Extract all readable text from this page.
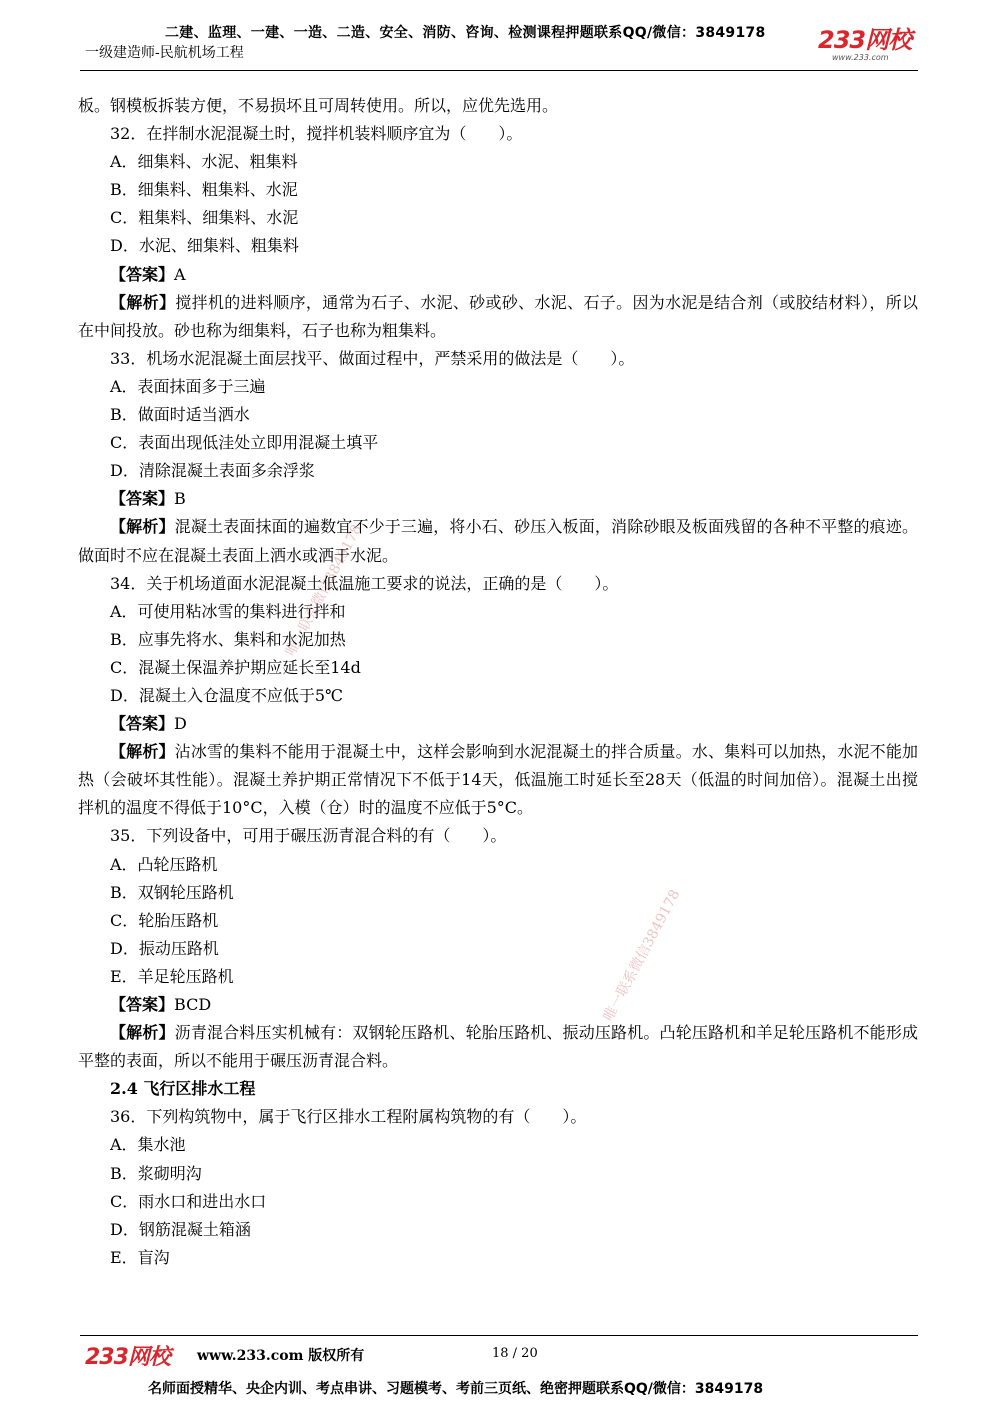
二建、监理、一建、一造、二造、安全、消防、咨询、检测课程押题联系QQ/微信：3849178
一级建造师-民航机场工程	233网校
www.233.com
唯一联系微信3849178
唯一联系微信3849178
板。钢模板拆装方便，不易损坏且可周转使用。所以，应优先选用。
32．在拌制水泥混凝土时，搅拌机装料顺序宜为（　　）。
A．细集料、水泥、粗集料
B．细集料、粗集料、水泥
C．粗集料、细集料、水泥
D．水泥、细集料、粗集料
【答案】A
【解析】搅拌机的进料顺序，通常为石子、水泥、砂或砂、水泥、石子。因为水泥是结合剂（或胶结材料），所以在中间投放。砂也称为细集料，石子也称为粗集料。
33．机场水泥混凝土面层找平、做面过程中，严禁采用的做法是（　　）。
A．表面抹面多于三遍
B．做面时适当洒水
C．表面出现低洼处立即用混凝土填平
D．清除混凝土表面多余浮浆
【答案】B
【解析】混凝土表面抹面的遍数宜不少于三遍，将小石、砂压入板面，消除砂眼及板面残留的各种不平整的痕迹。做面时不应在混凝土表面上洒水或洒干水泥。
34．关于机场道面水泥混凝土低温施工要求的说法，正确的是（　　）。
A．可使用粘冰雪的集料进行拌和
B．应事先将水、集料和水泥加热
C．混凝土保温养护期应延长至14d
D．混凝土入仓温度不应低于5℃
【答案】D
【解析】沾冰雪的集料不能用于混凝土中，这样会影响到水泥混凝土的拌合质量。水、集料可以加热，水泥不能加热（会破坏其性能）。混凝土养护期正常情况下不低于14天，低温施工时延长至28天（低温的时间加倍）。混凝土出搅拌机的温度不得低于10°C，入模（仓）时的温度不应低于5°C。
35．下列设备中，可用于碾压沥青混合料的有（　　）。
A．凸轮压路机
B．双钢轮压路机
C．轮胎压路机
D．振动压路机
E．羊足轮压路机
【答案】BCD
【解析】沥青混合料压实机械有：双钢轮压路机、轮胎压路机、振动压路机。凸轮压路机和羊足轮压路机不能形成平整的表面，所以不能用于碾压沥青混合料。
2.4 飞行区排水工程
36．下列构筑物中，属于飞行区排水工程附属构筑物的有（　　）。
A．集水池
B．浆砌明沟
C．雨水口和进出水口
D．钢筋混凝土箱涵
E．盲沟
233网校 www.233.com 版权所有	18 / 20
名师面授精华、央企内训、考点串讲、习题模考、考前三页纸、绝密押题联系QQ/微信：3849178
